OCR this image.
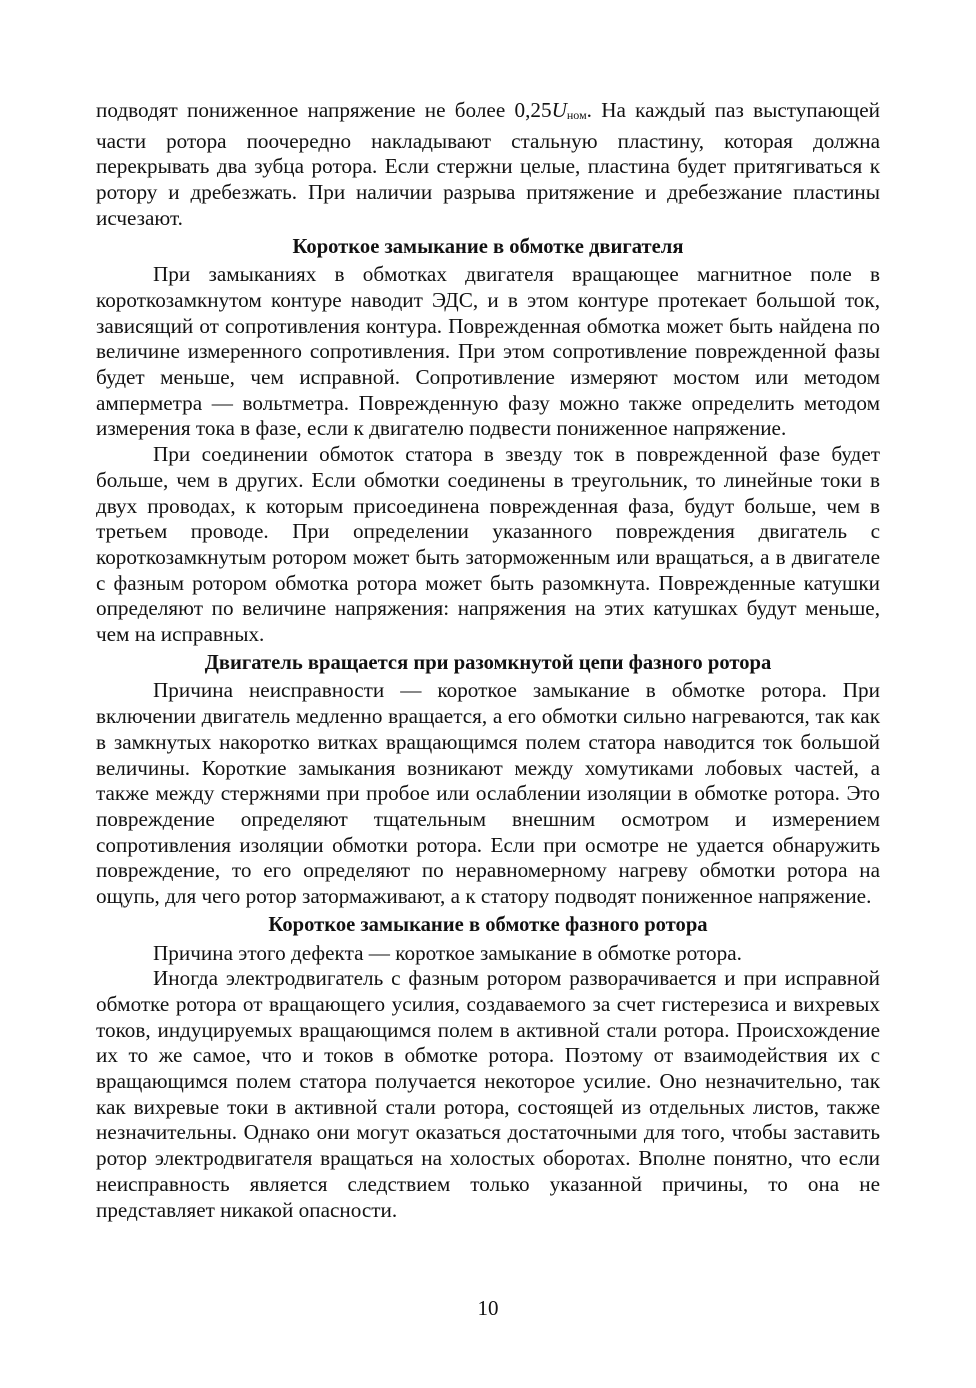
подводят пониженное напряжение не более 0,25Uном. На каждый паз выступающей части ротора поочередно накладывают стальную пластину, которая должна перекрывать два зубца ротора. Если стержни целые, пластина будет притягиваться к ротору и дребезжать. При наличии разрыва притяжение и дребезжание пластины исчезают.

Короткое замыкание в обмотке двигателя

При замыканиях в обмотках двигателя вращающее магнитное поле в короткозамкнутом контуре наводит ЭДС, и в этом контуре протекает большой ток, зависящий от сопротивления контура. Поврежденная обмотка может быть найдена по величине измеренного сопротивления. При этом сопротивление поврежденной фазы будет меньше, чем исправной. Сопротивление измеряют мостом или методом амперметра — вольтметра. Поврежденную фазу можно также определить методом измерения тока в фазе, если к двигателю подвести пониженное напряжение.

При соединении обмоток статора в звезду ток в поврежденной фазе будет больше, чем в других. Если обмотки соединены в треугольник, то линейные токи в двух проводах, к которым присоединена поврежденная фаза, будут больше, чем в третьем проводе. При определении указанного повреждения двигатель с короткозамкнутым ротором может быть заторможенным или вращаться, а в двигателе с фазным ротором обмотка ротора может быть разомкнута. Поврежденные катушки определяют по величине напряжения: напряжения на этих катушках будут меньше, чем на исправных.

Двигатель вращается при разомкнутой цепи фазного ротора

Причина неисправности — короткое замыкание в обмотке ротора. При включении двигатель медленно вращается, а его обмотки сильно нагреваются, так как в замкнутых накоротко витках вращающимся полем статора наводится ток большой величины. Короткие замыкания возникают между хомутиками лобовых частей, а также между стержнями при пробое или ослаблении изоляции в обмотке ротора. Это повреждение определяют тщательным внешним осмотром и измерением сопротивления изоляции обмотки ротора. Если при осмотре не удается обнаружить повреждение, то его определяют по неравномерному нагреву обмотки ротора на ощупь, для чего ротор затормаживают, а к статору подводят пониженное напряжение.

Короткое замыкание в обмотке фазного ротора

Причина этого дефекта — короткое замыкание в обмотке ротора.

Иногда электродвигатель с фазным ротором разворачивается и при исправной обмотке ротора от вращающего усилия, создаваемого за счет гистерезиса и вихревых токов, индуцируемых вращающимся полем в активной стали ротора. Происхождение их то же самое, что и токов в обмотке ротора. Поэтому от взаимодействия их с вращающимся полем статора получается некоторое усилие. Оно незначительно, так как вихревые токи в активной стали ротора, состоящей из отдельных листов, также незначительны. Однако они могут оказаться достаточными для того, чтобы заставить ротор электродвигателя вращаться на холостых оборотах. Вполне понятно, что если неисправность является следствием только указанной причины, то она не представляет никакой опасности.

10
